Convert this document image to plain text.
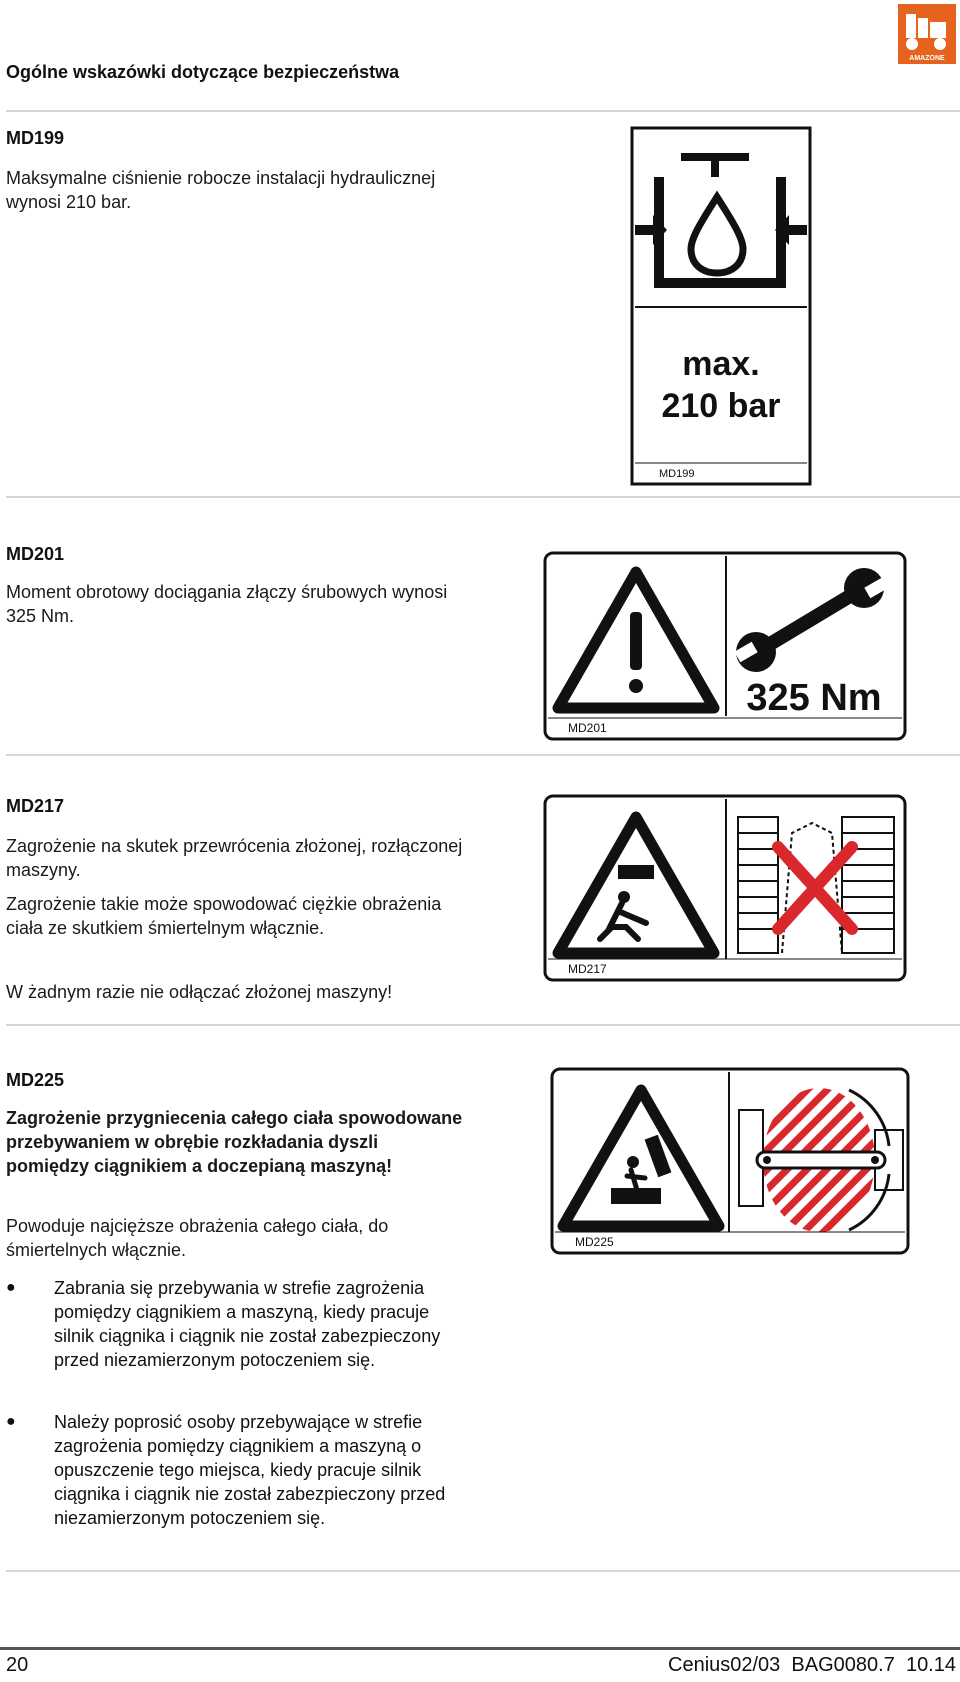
Ogólne wskazówki dotyczące bezpieczeństwa
AMAZONE
MD199
Maksymalne ciśnienie robocze instalacji hydraulicznej wynosi 210 bar.
max.
210 bar
MD199
MD201
Moment obrotowy dociągania złączy śrubowych wynosi 325 Nm.
325 Nm
MD201
MD217
Zagrożenie na skutek przewrócenia złożonej, rozłączonej maszyny.
Zagrożenie takie może spowodować ciężkie obrażenia ciała ze skutkiem śmiertelnym włącznie.
W żadnym razie nie odłączać złożonej maszyny!
MD217
MD225
Zagrożenie przygniecenia całego ciała spowodowane przebywaniem w obrębie rozkładania dyszli pomiędzy ciągnikiem a doczepianą maszyną!
Powoduje najcięższe obrażenia całego ciała, do śmiertelnych włącznie.
● Zabrania się przebywania w strefie zagrożenia pomiędzy ciągnikiem a maszyną, kiedy pracuje silnik ciągnika i ciągnik nie został zabezpieczony przed niezamierzonym potoczeniem się.
● Należy poprosić osoby przebywające w strefie zagrożenia pomiędzy ciągnikiem a maszyną o opuszczenie tego miejsca, kiedy pracuje silnik ciągnika i ciągnik nie został zabezpieczony przed niezamierzonym potoczeniem się.
MD225
20	Cenius02/03  BAG0080.7  10.14
